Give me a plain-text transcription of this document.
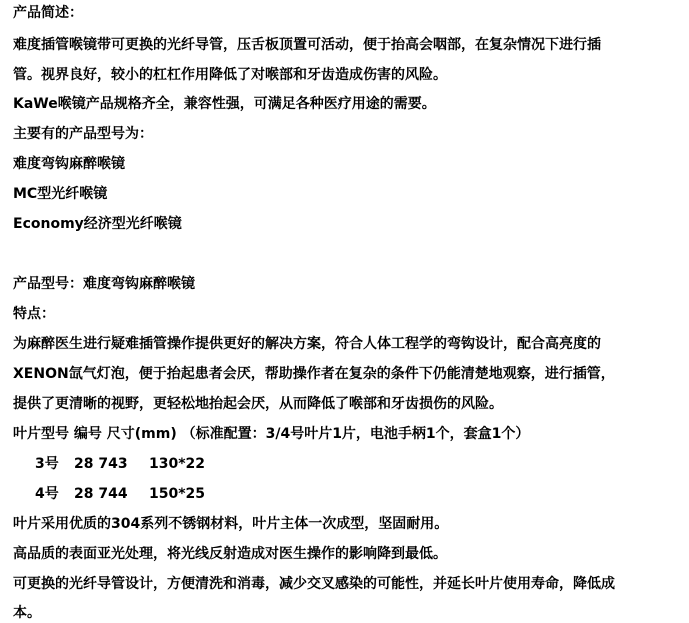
产品简述：
难度插管喉镜带可更换的光纤导管，压舌板顶置可活动，便于抬高会咽部，在复杂情况下进行插
管。视界良好，较小的杠杠作用降低了对喉部和牙齿造成伤害的风险。
KaWe喉镜产品规格齐全，兼容性强，可满足各种医疗用途的需要。
主要有的产品型号为：
难度弯钩麻醉喉镜
MC型光纤喉镜
Economy经济型光纤喉镜
产品型号：难度弯钩麻醉喉镜
特点：
为麻醉医生进行疑难插管操作提供更好的解决方案，符合人体工程学的弯钩设计，配合高亮度的
XENON氙气灯泡，便于抬起患者会厌，帮助操作者在复杂的条件下仍能清楚地观察，进行插管，
提供了更清晰的视野，更轻松地抬起会厌，从而降低了喉部和牙齿损伤的风险。
叶片型号 编号 尺寸(mm) （标准配置：3/4号叶片1片，电池手柄1个，套盒1个）
3号 28 743 130*22
4号 28 744 150*25
叶片采用优质的304系列不锈钢材料，叶片主体一次成型，坚固耐用。
高品质的表面亚光处理，将光线反射造成对医生操作的影响降到最低。
可更换的光纤导管设计，方便清洗和消毒，减少交叉感染的可能性，并延长叶片使用寿命，降低成
本。
